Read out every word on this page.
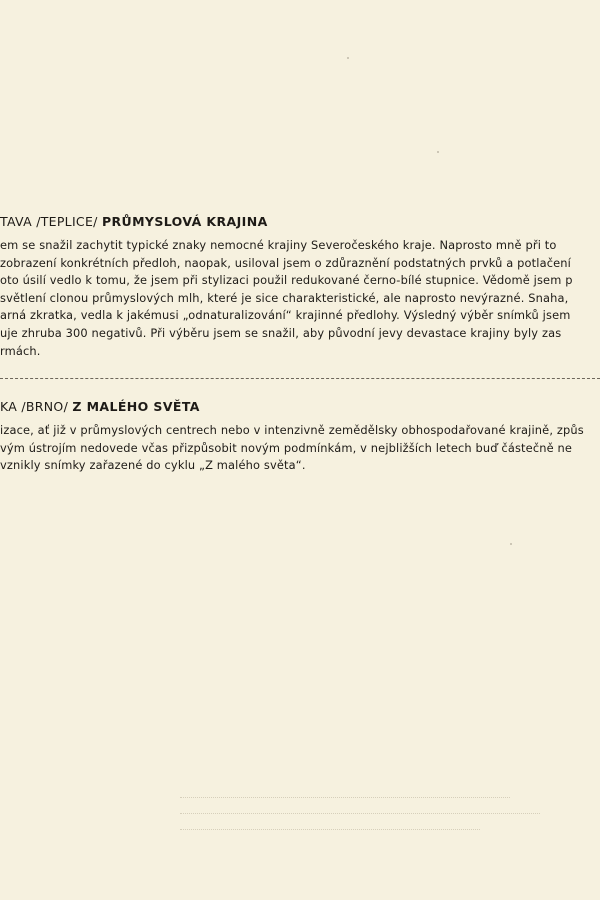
TAVA /TEPLICE/ PRŮMYSLOVÁ KRAJINA
em se snažil zachytit typické znaky nemocné krajiny Severočeského kraje. Naprosto mně při to
zobrazení konkrétních předloh, naopak, usiloval jsem o zdůraznění podstatných prvků a potlačení
oto úsilí vedlo k tomu, že jsem při stylizaci použil redukované černo-bílé stupnice. Vědomě jsem p
světlení clonou průmyslových mlh, které je sice charakteristické, ale naprosto nevýrazné. Snaha,
arná zkratka, vedla k jakémusi „odnaturalizování“ krajinné předlohy. Výsledný výběr snímků jsem
uje zhruba 300 negativů. Při výběru jsem se snažil, aby původní jevy devastace krajiny byly zas
rmách.
KA /BRNO/ Z MALÉHO SVĚTA
izace, ať již v průmyslových centrech nebo v intenzivně zemědělsky obhospodařované krajině, způs
vým ústrojím nedovede včas přizpůsobit novým podmínkám, v nejbližších letech buď částečně ne
vznikly snímky zařazené do cyklu „Z malého světa“.
